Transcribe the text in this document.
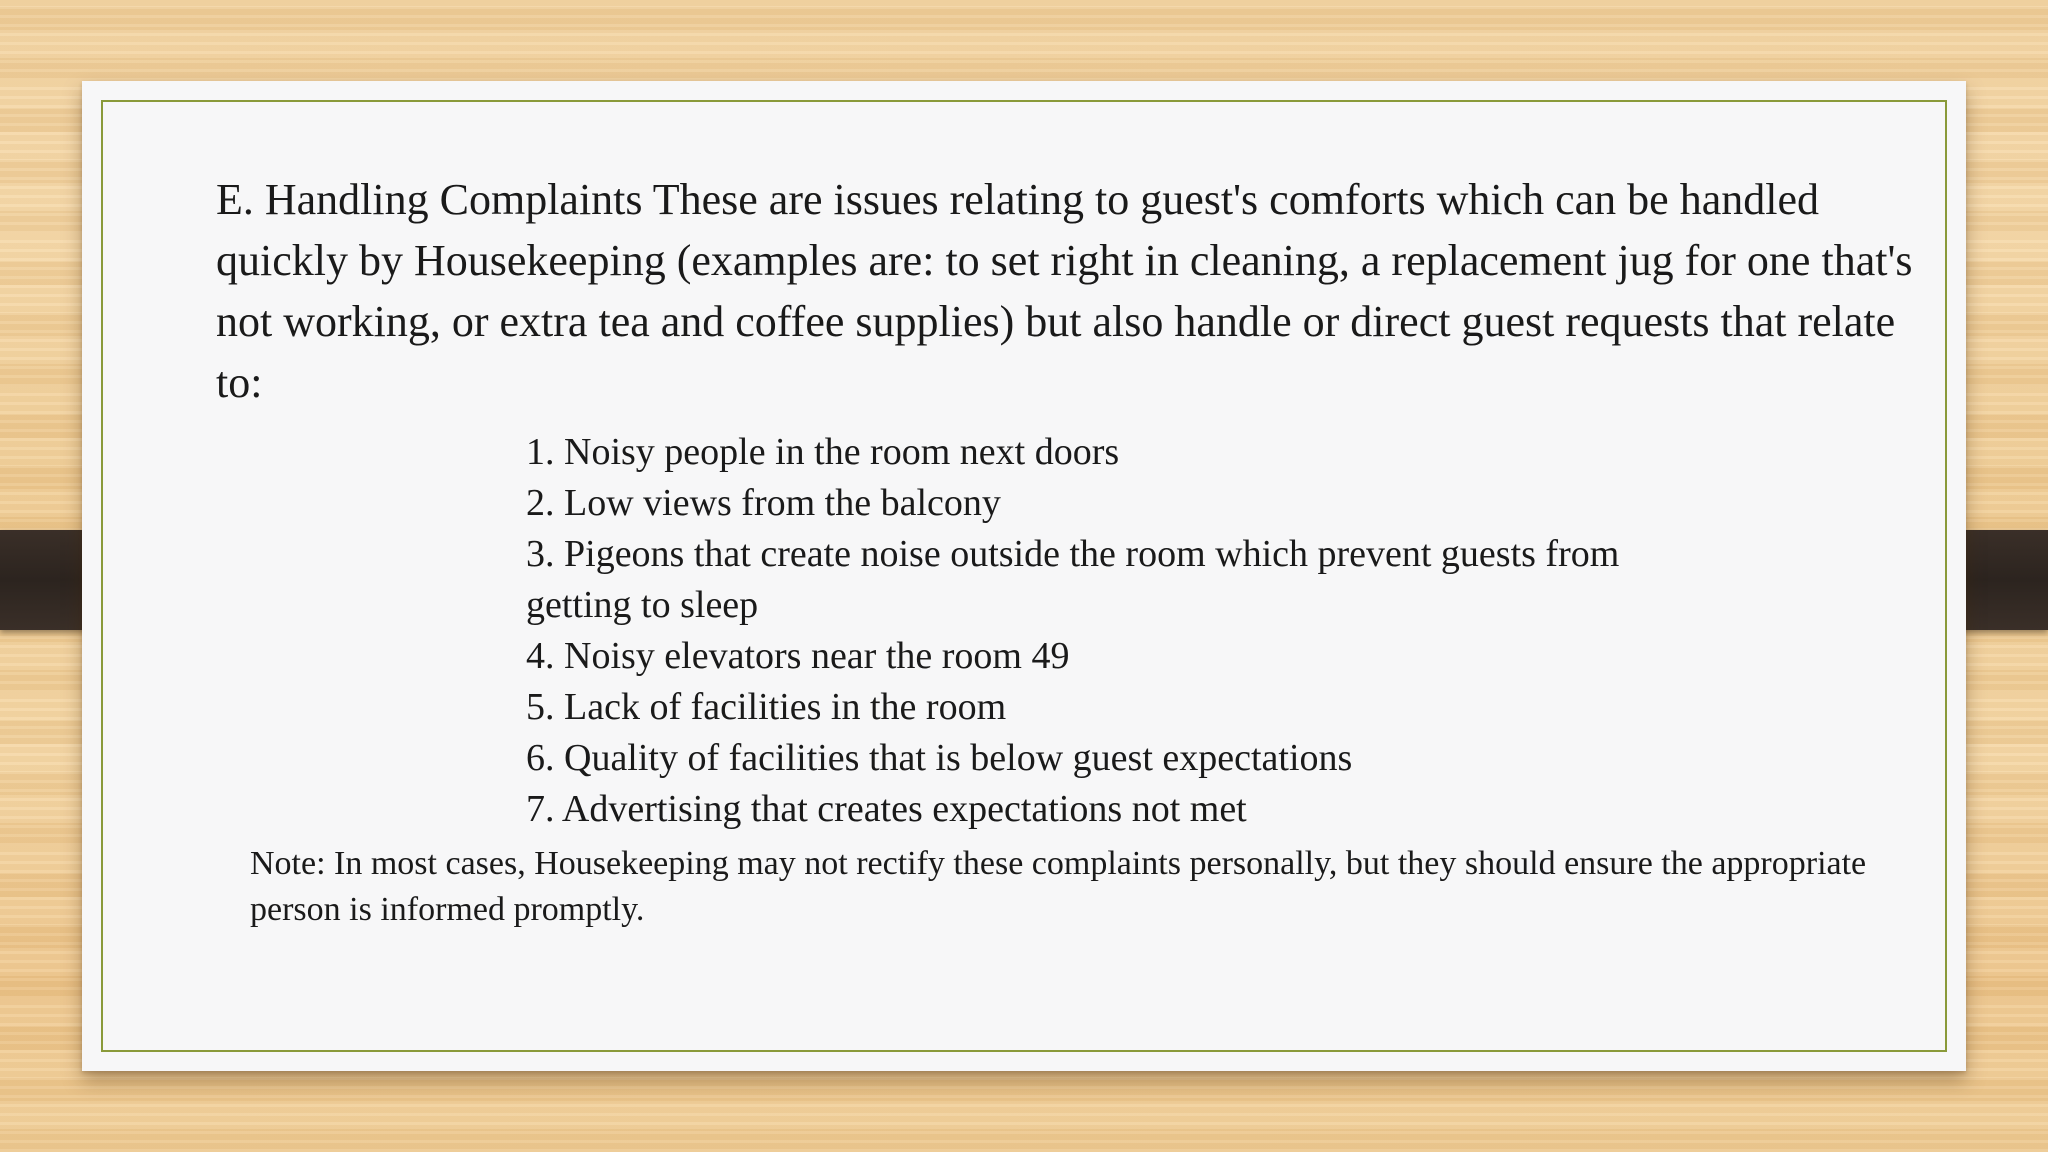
E. Handling Complaints These are issues relating to guest's comforts which can be handled quickly by Housekeeping (examples are: to set right in cleaning, a replacement jug for one that's not working, or extra tea and coffee supplies) but also handle or direct guest requests that relate to:

1. Noisy people in the room next doors
2. Low views from the balcony
3. Pigeons that create noise outside the room which prevent guests from getting to sleep
4. Noisy elevators near the room 49
5. Lack of facilities in the room
6. Quality of facilities that is below guest expectations
7. Advertising that creates expectations not met

Note: In most cases, Housekeeping may not rectify these complaints personally, but they should ensure the appropriate person is informed promptly.
